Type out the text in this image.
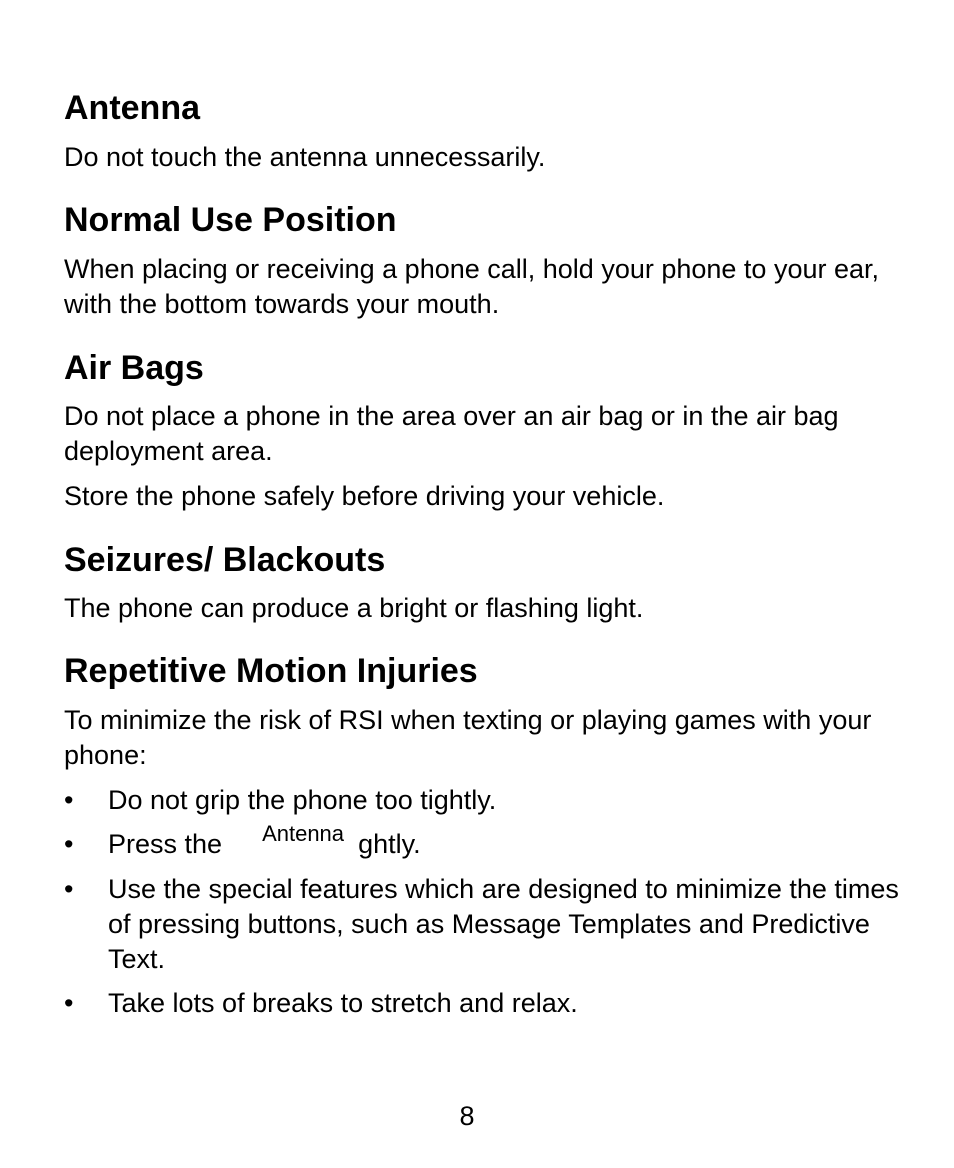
Antenna

Do not touch the antenna unnecessarily.

Normal Use Position

When placing or receiving a phone call, hold your phone to your ear, with the bottom towards your mouth.

Air Bags

Do not place a phone in the area over an air bag or in the air bag deployment area.

Store the phone safely before driving your vehicle.

Seizures/ Blackouts

The phone can produce a bright or flashing light.

Repetitive Motion Injuries

To minimize the risk of RSI when texting or playing games with your phone:

• Do not grip the phone too tightly.
• Press the Antenna ghtly.
• Use the special features which are designed to minimize the times of pressing buttons, such as Message Templates and Predictive Text.
• Take lots of breaks to stretch and relax.
8
